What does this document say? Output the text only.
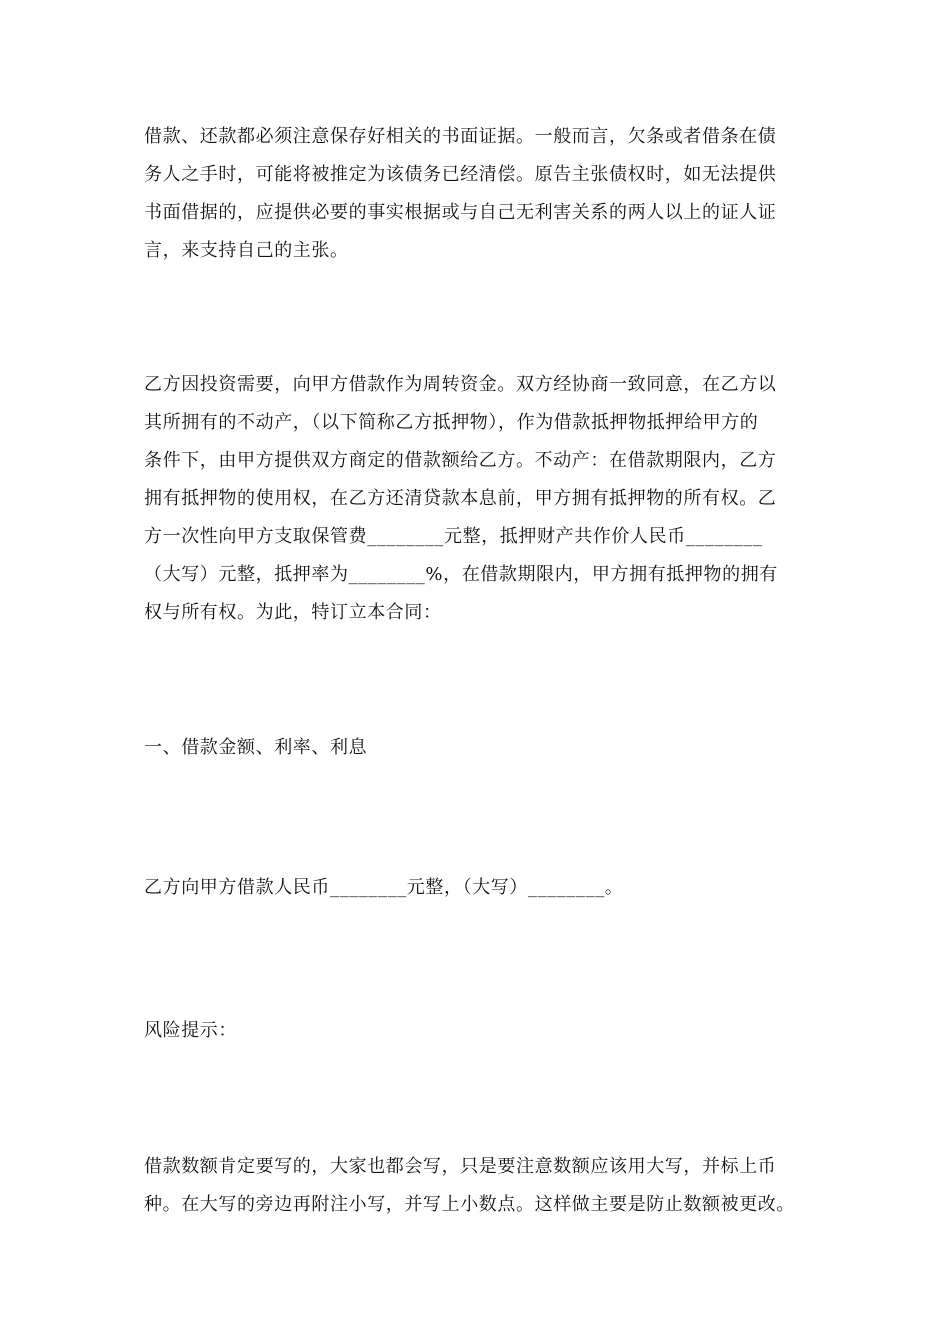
借款、还款都必须注意保存好相关的书面证据。一般而言，欠条或者借条在债
务人之手时，可能将被推定为该债务已经清偿。原告主张债权时，如无法提供
书面借据的，应提供必要的事实根据或与自己无利害关系的两人以上的证人证
言，来支持自己的主张。

乙方因投资需要，向甲方借款作为周转资金。双方经协商一致同意，在乙方以
其所拥有的不动产，（以下简称乙方抵押物），作为借款抵押物抵押给甲方的
条件下，由甲方提供双方商定的借款额给乙方。不动产：在借款期限内，乙方
拥有抵押物的使用权，在乙方还清贷款本息前，甲方拥有抵押物的所有权。乙
方一次性向甲方支取保管费________元整，抵押财产共作价人民币________
（大写）元整，抵押率为________%，在借款期限内，甲方拥有抵押物的拥有
权与所有权。为此，特订立本合同：

一、借款金额、利率、利息

乙方向甲方借款人民币________元整，（大写）________。

风险提示：

借款数额肯定要写的，大家也都会写，只是要注意数额应该用大写，并标上币
种。在大写的旁边再附注小写，并写上小数点。这样做主要是防止数额被更改。
